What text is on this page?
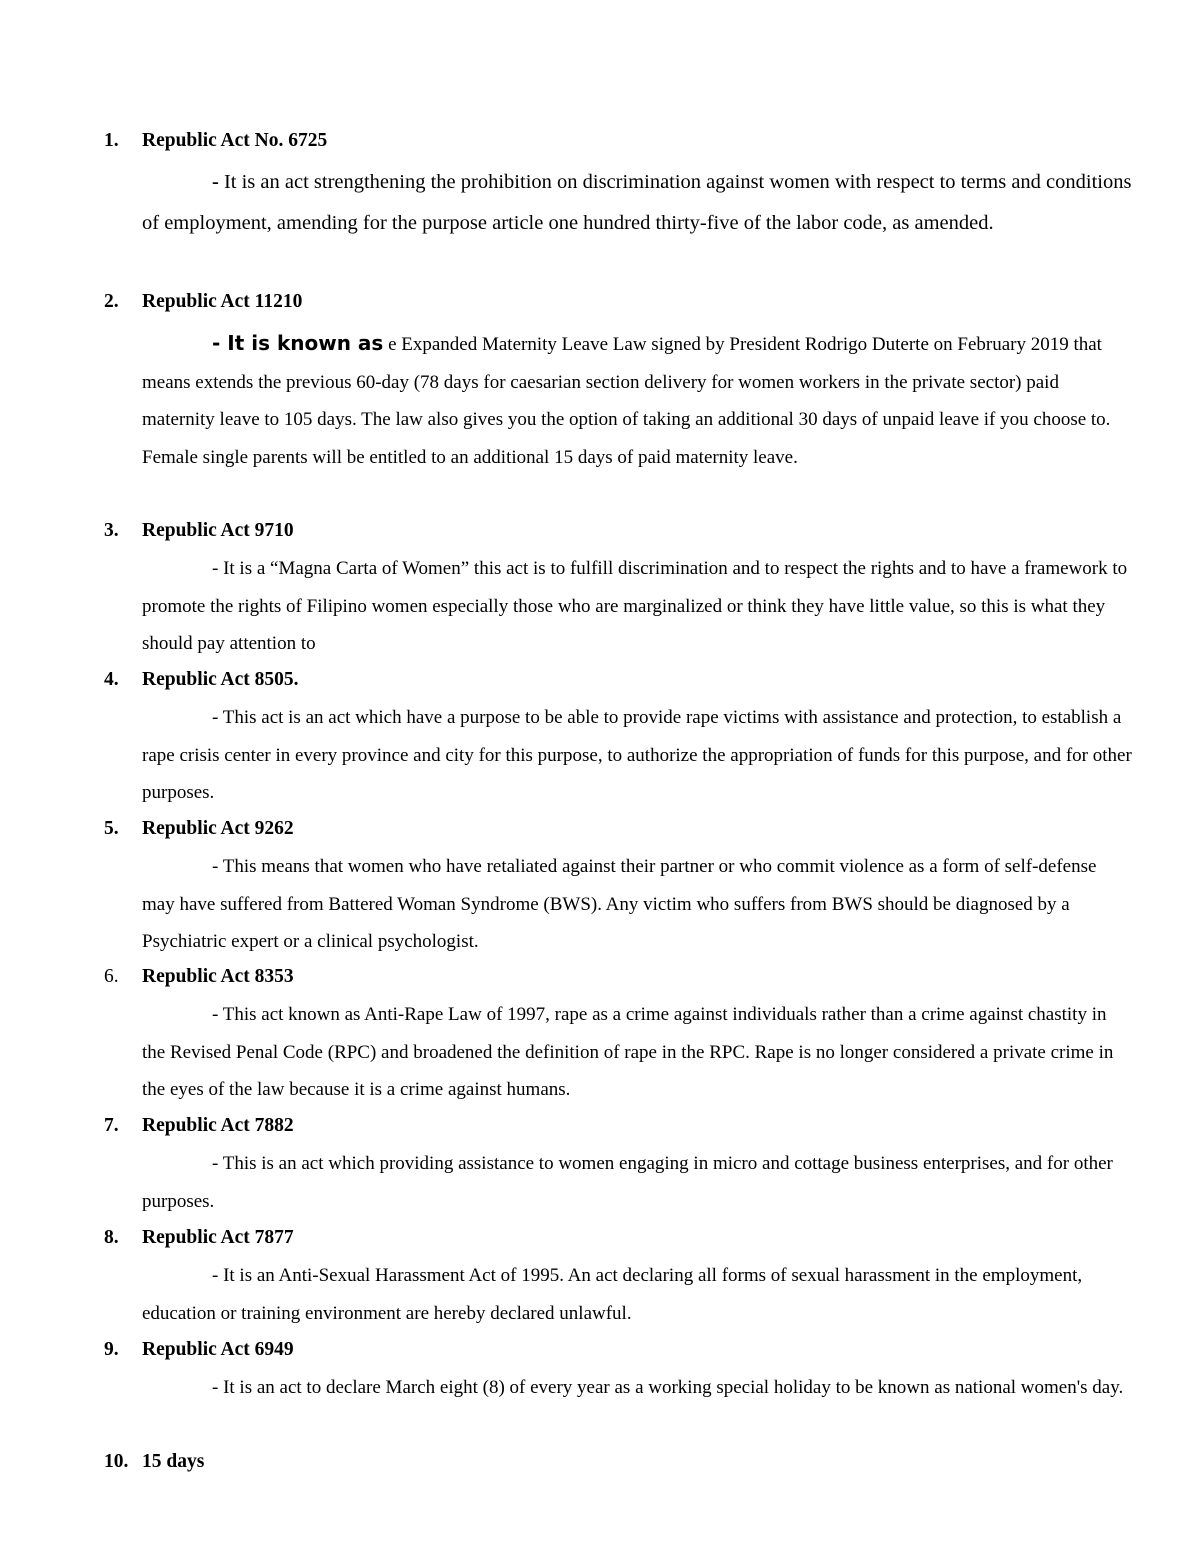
1.	Republic Act No. 6725
- It is an act strengthening the prohibition on discrimination against women with respect to terms and conditions of employment, amending for the purpose article one hundred thirty-five of the labor code, as amended.
2.	Republic Act 11210
- It is known as e Expanded Maternity Leave Law signed by President Rodrigo Duterte on February 2019 that means extends the previous 60-day (78 days for caesarian section delivery for women workers in the private sector) paid maternity leave to 105 days. The law also gives you the option of taking an additional 30 days of unpaid leave if you choose to. Female single parents will be entitled to an additional 15 days of paid maternity leave.
3.	Republic Act 9710
- It is a “Magna Carta of Women” this act is to fulfill discrimination and to respect the rights and to have a framework to promote the rights of Filipino women especially those who are marginalized or think they have little value, so this is what they should pay attention to
4.	Republic Act 8505.
- This act is an act which have a purpose to be able to provide rape victims with assistance and protection, to establish a rape crisis center in every province and city for this purpose, to authorize the appropriation of funds for this purpose, and for other purposes.
5.	Republic Act 9262
- This means that women who have retaliated against their partner or who commit violence as a form of self-defense may have suffered from Battered Woman Syndrome (BWS). Any victim who suffers from BWS should be diagnosed by a Psychiatric expert or a clinical psychologist.
6.	Republic Act 8353
- This act known as Anti-Rape Law of 1997, rape as a crime against individuals rather than a crime against chastity in the Revised Penal Code (RPC) and broadened the definition of rape in the RPC. Rape is no longer considered a private crime in the eyes of the law because it is a crime against humans.
7.	Republic Act 7882
- This is an act which providing assistance to women engaging in micro and cottage business enterprises, and for other purposes.
8.	Republic Act 7877
- It is an Anti-Sexual Harassment Act of 1995. An act declaring all forms of sexual harassment in the employment, education or training environment are hereby declared unlawful.
9.	Republic Act 6949
- It is an act to declare March eight (8) of every year as a working special holiday to be known as national women's day.
10. 15 days
